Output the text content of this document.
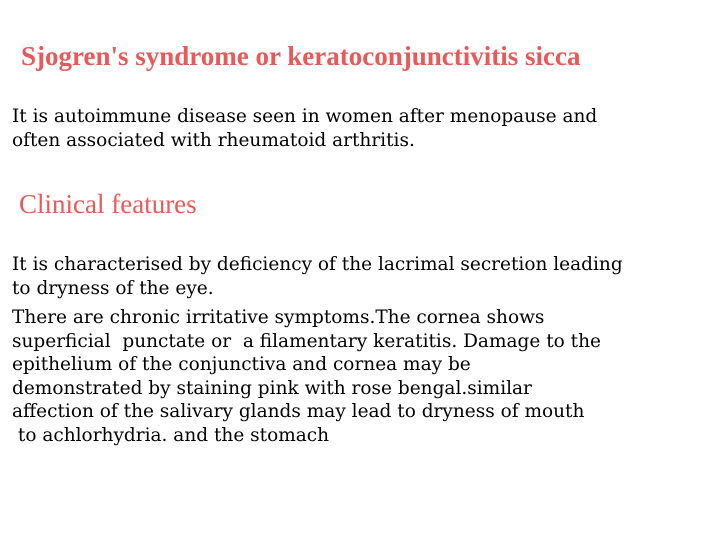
Sjogren's syndrome or keratoconjunctivitis sicca

It is autoimmune disease seen in women after menopause and
often associated with rheumatoid arthritis.

Clinical features

It is characterised by deficiency of the lacrimal secretion leading
to dryness of the eye.

There are chronic irritative symptoms.The cornea shows
superficial  punctate or  a filamentary keratitis. Damage to the
epithelium of the conjunctiva and cornea may be
demonstrated by staining pink with rose bengal.similar
affection of the salivary glands may lead to dryness of mouth
to achlorhydria. and the stomach
